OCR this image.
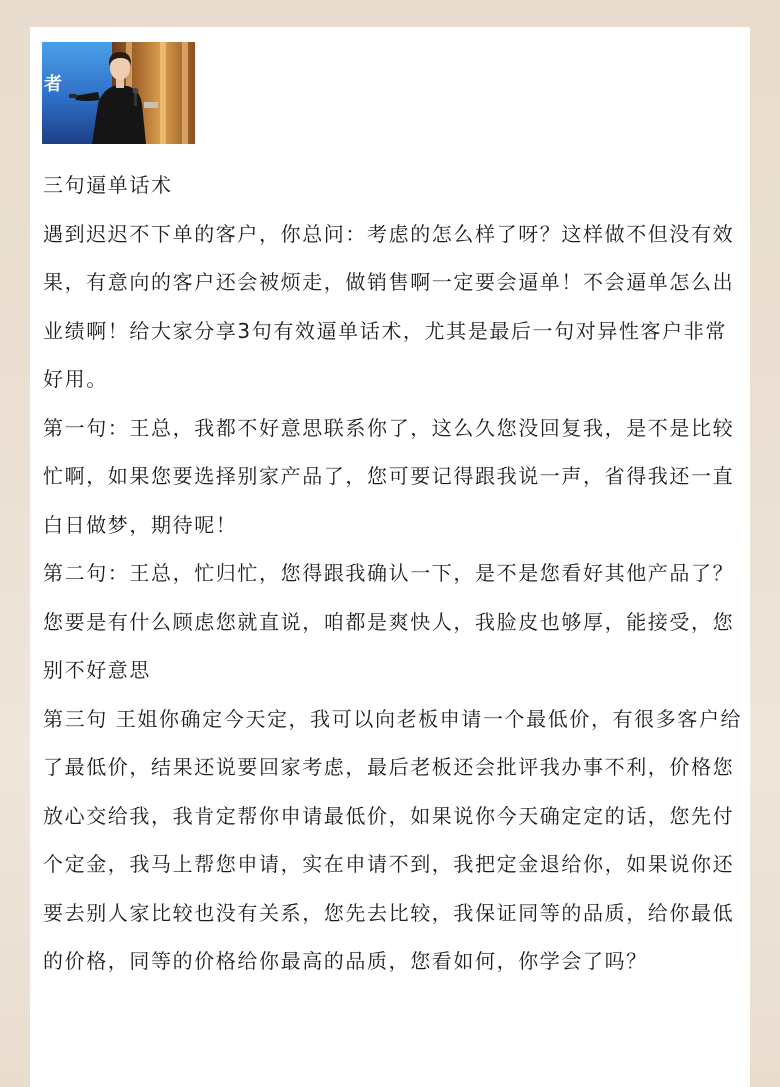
者

三句逼单话术

遇到迟迟不下单的客户，你总问：考虑的怎么样了呀？这样做不但没有效果，有意向的客户还会被烦走，做销售啊一定要会逼单！不会逼单怎么出业绩啊！给大家分享3句有效逼单话术，尤其是最后一句对异性客户非常好用。

第一句：王总，我都不好意思联系你了，这么久您没回复我，是不是比较忙啊，如果您要选择别家产品了，您可要记得跟我说一声，省得我还一直白日做梦，期待呢！

第二句：王总，忙归忙，您得跟我确认一下，是不是您看好其他产品了？您要是有什么顾虑您就直说，咱都是爽快人，我脸皮也够厚，能接受，您别不好意思

第三句 王姐你确定今天定，我可以向老板申请一个最低价，有很多客户给了最低价，结果还说要回家考虑，最后老板还会批评我办事不利，价格您放心交给我，我肯定帮你申请最低价，如果说你今天确定定的话，您先付个定金，我马上帮您申请，实在申请不到，我把定金退给你，如果说你还要去别人家比较也没有关系，您先去比较，我保证同等的品质，给你最低的价格，同等的价格给你最高的品质，您看如何，你学会了吗？
